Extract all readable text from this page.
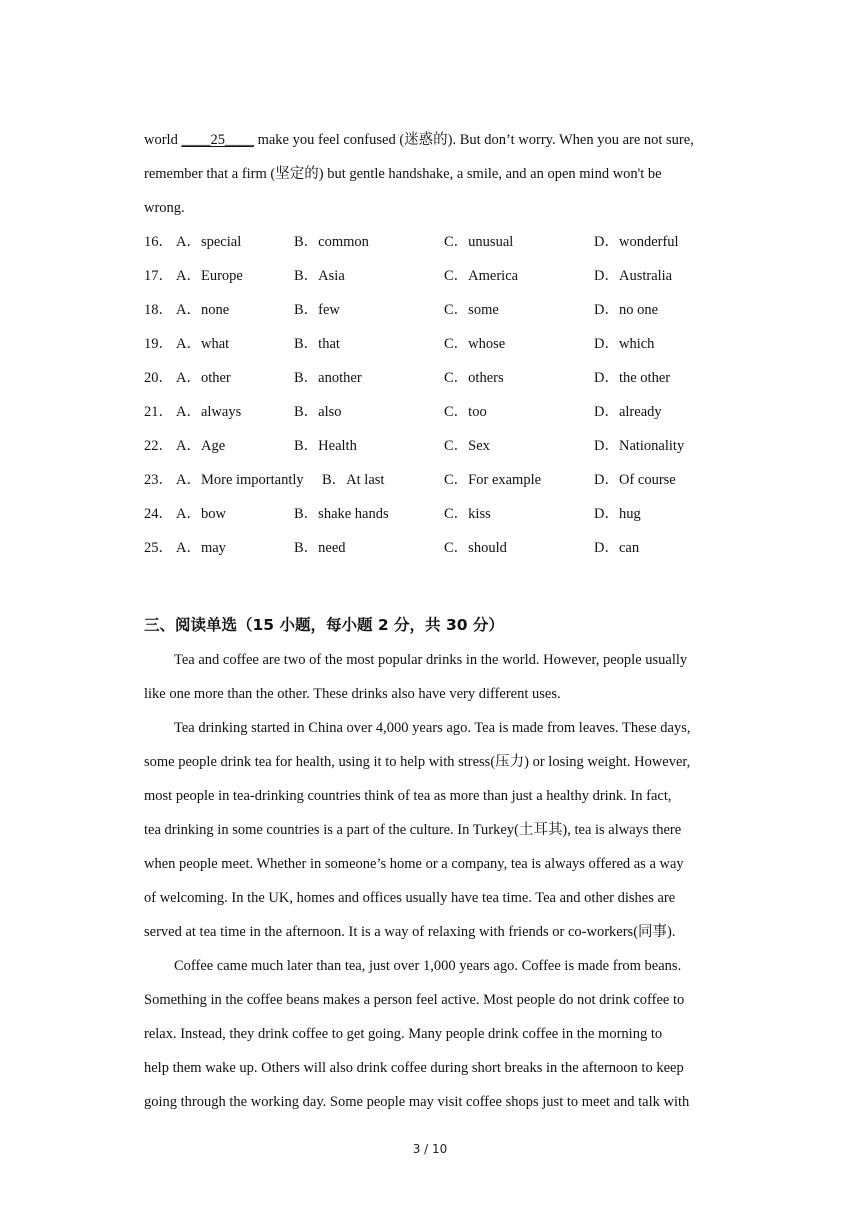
world ____25____ make you feel confused (迷惑的). But don’t worry. When you are not sure,
remember that a firm (坚定的) but gentle handshake, a smile, and an open mind won't be
wrong.
16． A．special	B．common	C．unusual	D．wonderful
17． A．Europe	B．Asia	C．America	D．Australia
18． A．none	B．few	C．some	D．no one
19． A．what	B．that	C．whose	D．which
20． A．other	B．another	C．others	D．the other
21． A．always	B．also	C．too	D．already
22． A．Age	B．Health	C．Sex	D．Nationality
23． A．More importantly B．At last	C．For example	D．Of course
24． A．bow	B．shake hands	C．kiss	D．hug
25． A．may	B．need	C．should	D．can
三、阅读单选（15 小题，每小题 2 分，共 30 分）
Tea and coffee are two of the most popular drinks in the world. However, people usually
like one more than the other. These drinks also have very different uses.
Tea drinking started in China over 4,000 years ago. Tea is made from leaves. These days,
some people drink tea for health, using it to help with stress(压力) or losing weight. However,
most people in tea-drinking countries think of tea as more than just a healthy drink. In fact,
tea drinking in some countries is a part of the culture. In Turkey(土耳其), tea is always there
when people meet. Whether in someone’s home or a company, tea is always offered as a way
of welcoming. In the UK, homes and offices usually have tea time. Tea and other dishes are
served at tea time in the afternoon. It is a way of relaxing with friends or co-workers(同事).
Coffee came much later than tea, just over 1,000 years ago. Coffee is made from beans.
Something in the coffee beans makes a person feel active. Most people do not drink coffee to
relax. Instead, they drink coffee to get going. Many people drink coffee in the morning to
help them wake up. Others will also drink coffee during short breaks in the afternoon to keep
going through the working day. Some people may visit coffee shops just to meet and talk with
3 / 10
